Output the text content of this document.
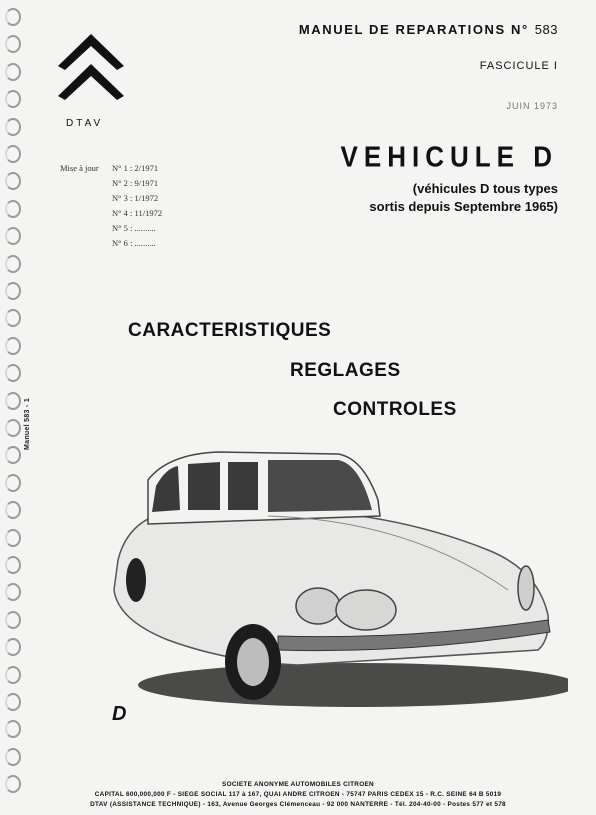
Manuel 583 - 1
DTAV
MANUEL DE REPARATIONS N° 583
FASCICULE I
JUIN 1973
VEHICULE D
(véhicules D tous types
sortis depuis Septembre 1965)
Mise à jour	N° 1 : 2/1971
N° 2 : 9/1971
N° 3 : 1/1972
N° 4 : 11/1972
N° 5 : ..........
N° 6 : ..........
CARACTERISTIQUES
REGLAGES
CONTROLES
D
SOCIETE ANONYME AUTOMOBILES CITROEN
CAPITAL 600,000,000 F - SIEGE SOCIAL 117 à 167, QUAI ANDRE CITROEN - 75747 PARIS CEDEX 15 - R.C. SEINE 64 B 5019
DTAV (ASSISTANCE TECHNIQUE) - 163, Avenue Georges Clémenceau - 92 000 NANTERRE - Tél. 204-40-00 - Postes 577 et 578
